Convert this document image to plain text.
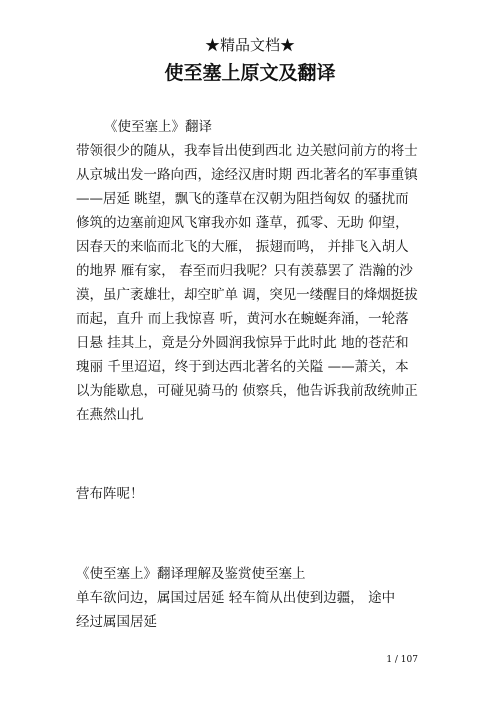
★精品文档★
使至塞上原文及翻译
《使至塞上》翻译
带领很少的随从，我奉旨出使到西北 边关慰问前方的将士
从京城出发一路向西，途经汉唐时期 西北著名的军事重镇
——居延 眺望，飘飞的蓬草在汉朝为阻挡匈奴 的骚扰而
修筑的边塞前迎风飞窜我亦如 蓬草，孤零、无助 仰望，
因春天的来临而北飞的大雁， 振翅而鸣， 并排飞入胡人
的地界 雁有家， 春至而归我呢？只有羡慕罢了 浩瀚的沙
漠，虽广袤雄壮，却空旷单 调，突见一缕醒目的烽烟挺拔
而起，直升 而上我惊喜 听，黄河水在蜿蜒奔涌，一轮落
日悬 挂其上，竟是分外圆润我惊异于此时此 地的苍茫和
瑰丽 千里迢迢，终于到达西北著名的关隘 ——萧关，本
以为能歇息，可碰见骑马的 侦察兵，他告诉我前敌统帅正
在燕然山扎
营布阵呢！
《使至塞上》翻译理解及鉴赏使至塞上
单车欲问边，属国过居延 轻车简从出使到边疆， 途中
经过属国居延
1 / 107
